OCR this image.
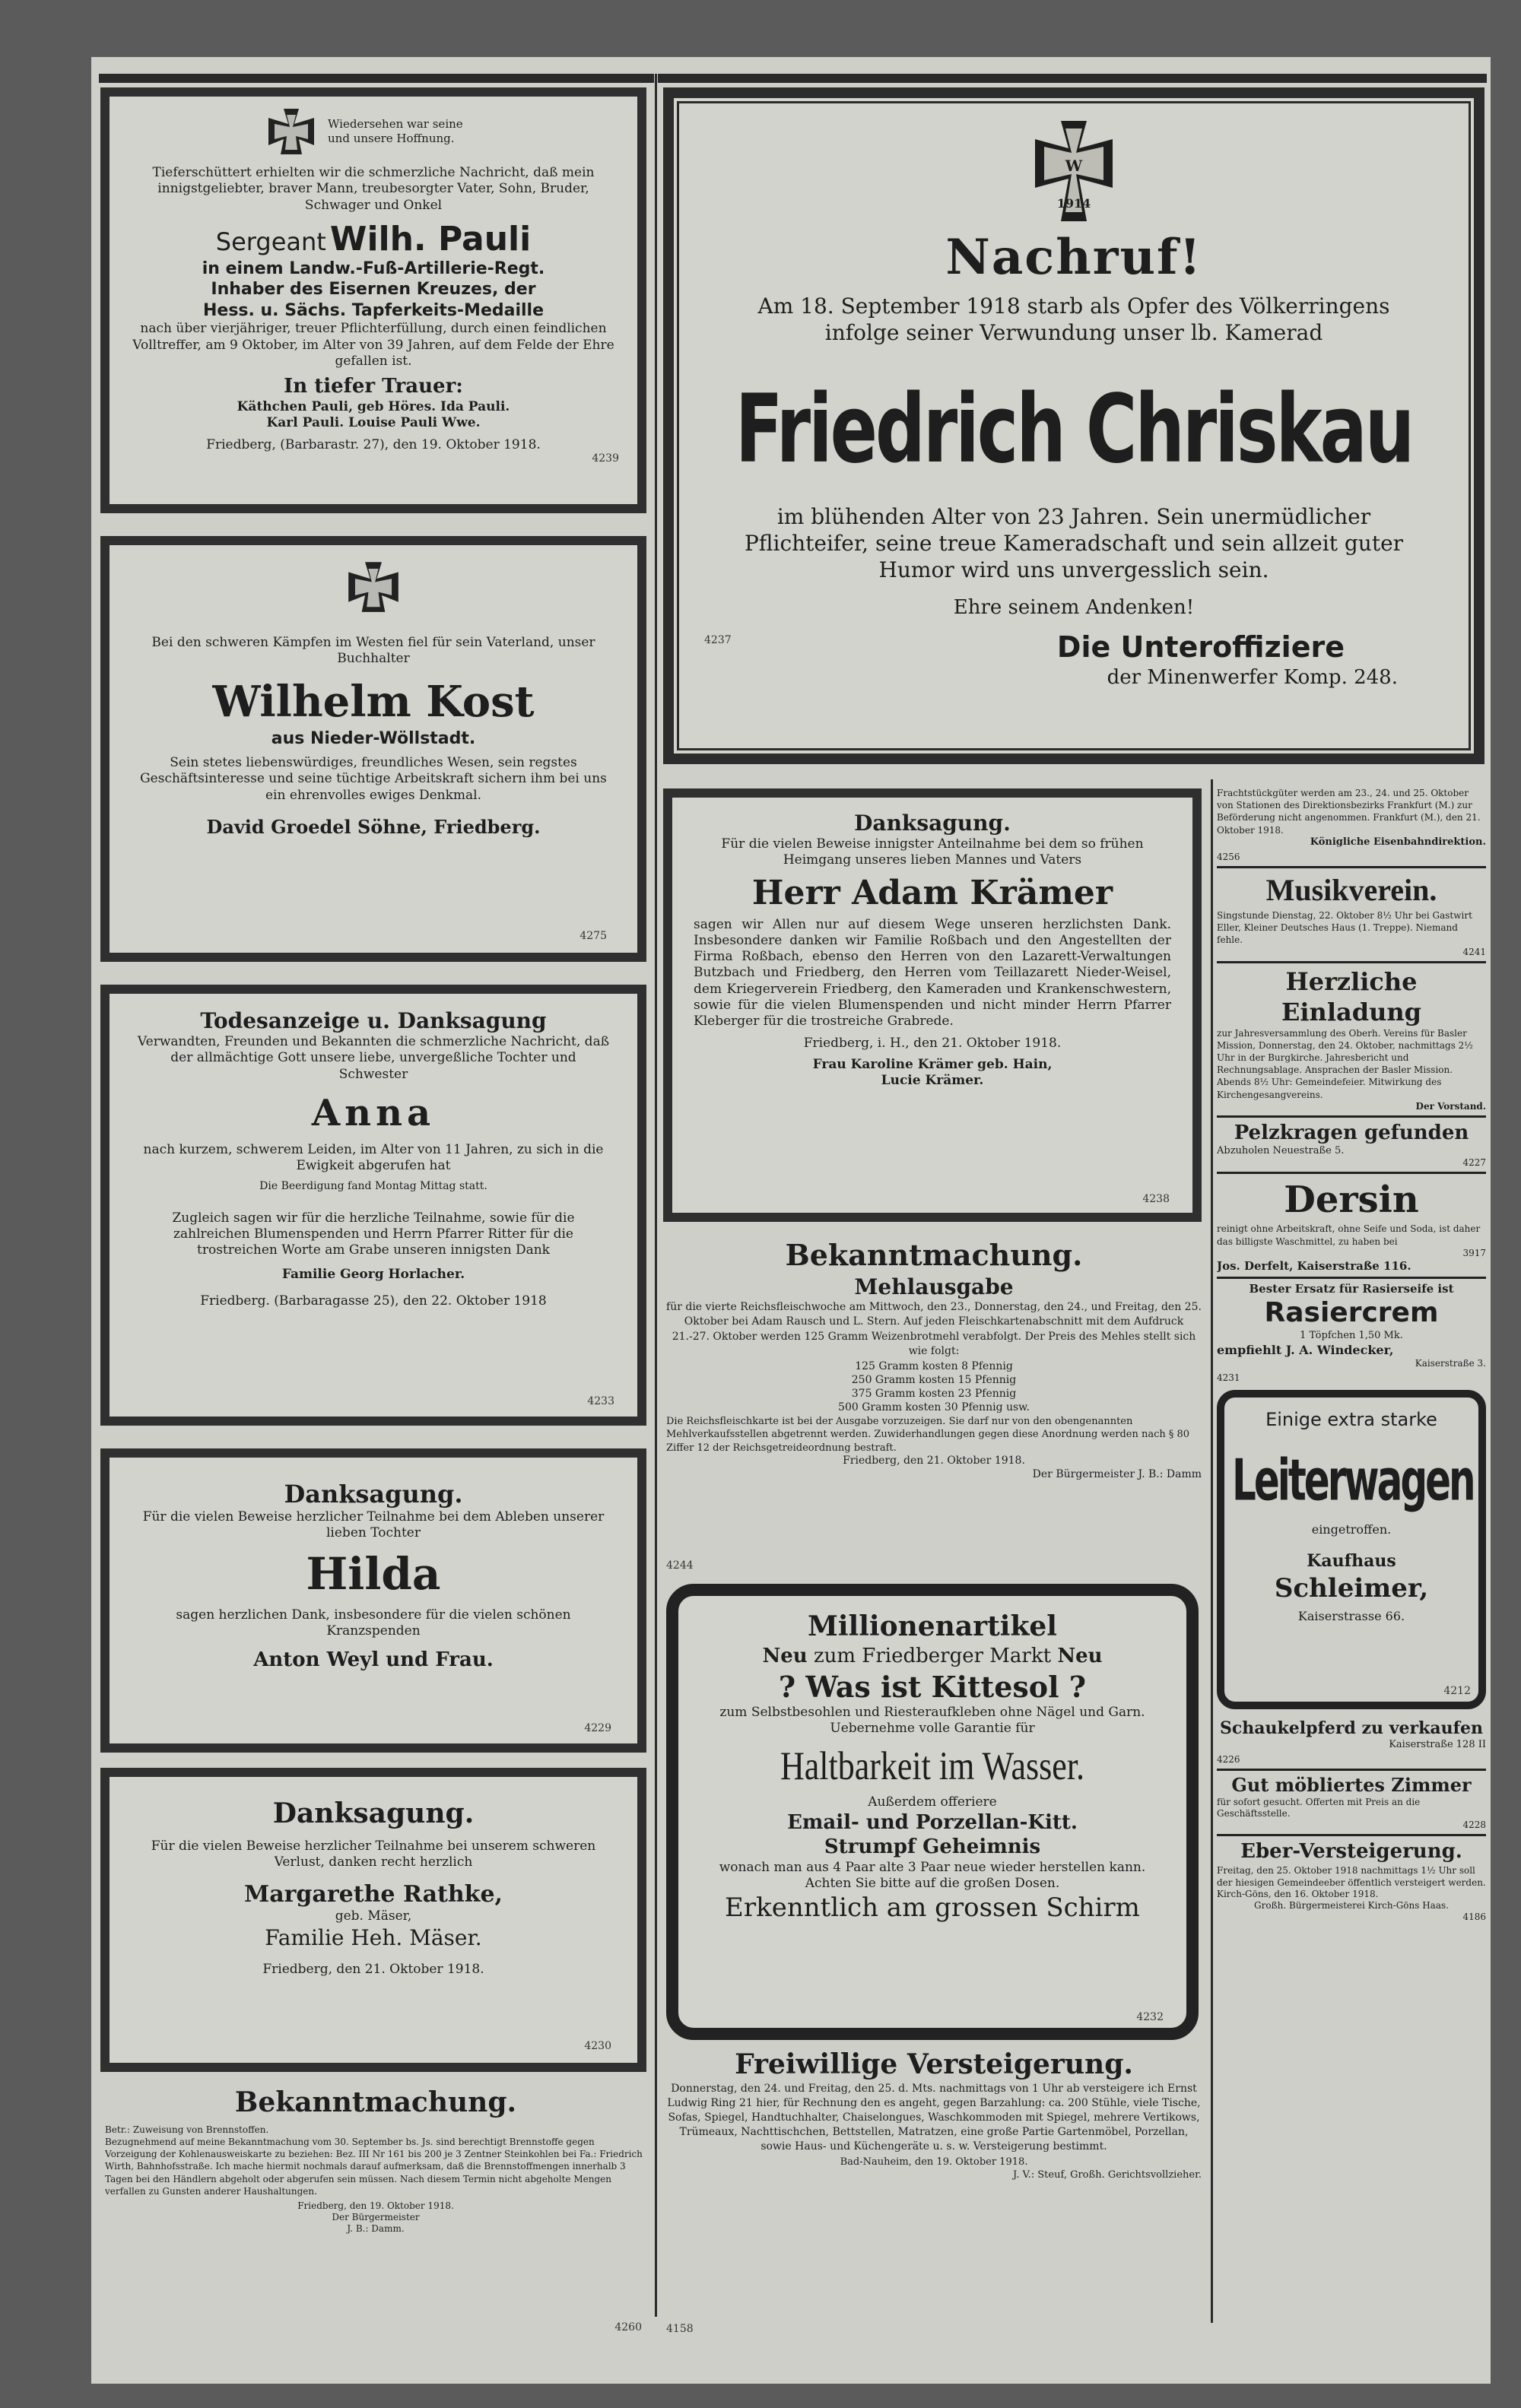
Wiedersehen war seine und unsere Hoffnung.

Tieferschüttert erhielten wir die schmerzliche Nachricht, daß mein innigstgeliebter, braver Mann, treubesorgter Vater, Sohn, Bruder, Schwager und Onkel

Sergeant Wilh. Pauli

in einem Landw.-Fuß-Artillerie-Regt.

Inhaber des Eisernen Kreuzes, der

Hess. u. Sächs. Tapferkeits-Medaille

nach über vierjähriger, treuer Pflichterfüllung, durch einen feindlichen Volltreffer, am 9 Oktober, im Alter von 39 Jahren, auf dem Felde der Ehre gefallen ist.

In tiefer Trauer:

Käthchen Pauli, geb Höres. Ida Pauli.

Karl Pauli. Louise Pauli Wwe.

Friedberg, (Barbarastr. 27), den 19. Oktober 1918.

4239

Bei den schweren Kämpfen im Westen fiel für sein Vaterland, unser Buchhalter

Wilhelm Kost

aus Nieder-Wöllstadt.

Sein stetes liebenswürdiges, freundliches Wesen, sein regstes Geschäftsinteresse und seine tüchtige Arbeitskraft sichern ihm bei uns ein ehrenvolles ewiges Denkmal.

David Groedel Söhne, Friedberg.

4275

Todesanzeige u. Danksagung

Verwandten, Freunden und Bekannten die schmerzliche Nachricht, daß der allmächtige Gott unsere liebe, unvergeßliche Tochter und Schwester

Anna

nach kurzem, schwerem Leiden, im Alter von 11 Jahren, zu sich in die Ewigkeit abgerufen hat

Die Beerdigung fand Montag Mittag statt.

Zugleich sagen wir für die herzliche Teilnahme, sowie für die zahlreichen Blumenspenden und Herrn Pfarrer Ritter für die trostreichen Worte am Grabe unseren innigsten Dank

Familie Georg Horlacher.

Friedberg. (Barbaragasse 25), den 22. Oktober 1918

4233

Danksagung.

Für die vielen Beweise herzlicher Teilnahme bei dem Ableben unserer lieben Tochter

Hilda

sagen herzlichen Dank, insbesondere für die vielen schönen Kranzspenden

Anton Weyl und Frau.

4229

Danksagung.

Für die vielen Beweise herzlicher Teilnahme bei unserem schweren Verlust, danken recht herzlich

Margarethe Rathke,

geb. Mäser,

Familie Heh. Mäser.

Friedberg, den 21. Oktober 1918.

4230

Bekanntmachung.

Betr.: Zuweisung von Brennstoffen.

Bezugnehmend auf meine Bekanntmachung vom 30. September bs. Js. sind berechtigt Brennstoffe gegen Vorzeigung der Kohlenausweiskarte zu beziehen: Bez. III Nr 161 bis 200 je 3 Zentner Steinkohlen bei Fa.: Friedrich Wirth, Bahnhofsstraße. Ich mache hiermit nochmals darauf aufmerksam, daß die Brennstoffmengen innerhalb 3 Tagen bei den Händlern abgeholt oder abgerufen sein müssen. Nach diesem Termin nicht abgeholte Mengen verfallen zu Gunsten anderer Haushaltungen.

Friedberg, den 19. Oktober 1918.

Der Bürgermeister

J. B.: Damm.

4260
W
1914

Nachruf!

Am 18. September 1918 starb als Opfer des Völkerringens infolge seiner Verwundung unser lb. Kamerad

Friedrich Chriskau

im blühenden Alter von 23 Jahren. Sein unermüdlicher Pflichteifer, seine treue Kameradschaft und sein allzeit guter Humor wird uns unvergesslich sein.

Ehre seinem Andenken!

4237	Die Unteroffiziere

der Minenwerfer Komp. 248.

Danksagung.

Für die vielen Beweise innigster Anteilnahme bei dem so frühen Heimgang unseres lieben Mannes und Vaters

Herr Adam Krämer

sagen wir Allen nur auf diesem Wege unseren herzlichsten Dank. Insbesondere danken wir Familie Roßbach und den Angestellten der Firma Roßbach, ebenso den Herren von den Lazarett-Verwaltungen Butzbach und Friedberg, den Herren vom Teillazarett Nieder-Weisel, dem Kriegerverein Friedberg, den Kameraden und Krankenschwestern, sowie für die vielen Blumenspenden und nicht minder Herrn Pfarrer Kleberger für die trostreiche Grabrede.

Friedberg, i. H., den 21. Oktober 1918.

Frau Karoline Krämer geb. Hain,

Lucie Krämer.

4238

Bekanntmachung.

Mehlausgabe

für die vierte Reichsfleischwoche am Mittwoch, den 23., Donnerstag, den 24., und Freitag, den 25. Oktober bei Adam Rausch und L. Stern. Auf jeden Fleischkartenabschnitt mit dem Aufdruck 21.-27. Oktober werden 125 Gramm Weizenbrotmehl verabfolgt. Der Preis des Mehles stellt sich wie folgt:

125 Gramm kosten 8 Pfennig
250 Gramm kosten 15 Pfennig
375 Gramm kosten 23 Pfennig
500 Gramm kosten 30 Pfennig usw.

Die Reichsfleischkarte ist bei der Ausgabe vorzuzeigen. Sie darf nur von den obengenannten Mehlverkaufsstellen abgetrennt werden. Zuwiderhandlungen gegen diese Anordnung werden nach § 80 Ziffer 12 der Reichsgetreideordnung bestraft.

Friedberg, den 21. Oktober 1918.

Der Bürgermeister J. B.: Damm

4244

Millionenartikel

Neu zum Friedberger Markt Neu

? Was ist Kittesol ?

zum Selbstbesohlen und Riesteraufkleben ohne Nägel und Garn. Uebernehme volle Garantie für

Haltbarkeit im Wasser.

Außerdem offeriere

Email- und Porzellan-Kitt.

Strumpf Geheimnis

wonach man aus 4 Paar alte 3 Paar neue wieder herstellen kann. Achten Sie bitte auf die großen Dosen.

Erkenntlich am grossen Schirm

4232

Freiwillige Versteigerung.

Donnerstag, den 24. und Freitag, den 25. d. Mts. nachmittags von 1 Uhr ab versteigere ich Ernst Ludwig Ring 21 hier, für Rechnung den es angeht, gegen Barzahlung: ca. 200 Stühle, viele Tische, Sofas, Spiegel, Handtuchhalter, Chaiselongues, Waschkommoden mit Spiegel, mehrere Vertikows, Trümeaux, Nachttischchen, Bettstellen, Matratzen, eine große Partie Gartenmöbel, Porzellan, sowie Haus- und Küchengeräte u. s. w. Versteigerung bestimmt.

Bad-Nauheim, den 19. Oktober 1918.

J. V.: Steuf, Großh. Gerichtsvollzieher.

4158

Frachtstückgüter werden am 23., 24. und 25. Oktober von Stationen des Direktionsbezirks Frankfurt (M.) zur Beförderung nicht angenommen. Frankfurt (M.), den 21. Oktober 1918.

Königliche Eisenbahndirektion.

4256

Musikverein.

Singstunde Dienstag, 22. Oktober 8½ Uhr bei Gastwirt Eller, Kleiner Deutsches Haus (1. Treppe). Niemand fehle.

4241

Herzliche Einladung

zur Jahresversammlung des Oberh. Vereins für Basler Mission, Donnerstag, den 24. Oktober, nachmittags 2½ Uhr in der Burgkirche. Jahresbericht und Rechnungsablage. Ansprachen der Basler Mission. Abends 8½ Uhr: Gemeindefeier. Mitwirkung des Kirchengesangvereins.

Der Vorstand.

Pelzkragen gefunden

Abzuholen Neuestraße 5.

4227

Dersin

reinigt ohne Arbeitskraft, ohne Seife und Soda, ist daher das billigste Waschmittel, zu haben bei

3917

Jos. Derfelt, Kaiserstraße 116.

Bester Ersatz für Rasierseife ist

Rasiercrem

1 Töpfchen 1,50 Mk.

empfiehlt J. A. Windecker,

Kaiserstraße 3.

4231

Einige extra starke

Leiterwagen

eingetroffen.

Kaufhaus

Schleimer,

Kaiserstrasse 66.

4212

Schaukelpferd zu verkaufen

Kaiserstraße 128 II

4226

Gut möbliertes Zimmer

für sofort gesucht. Offerten mit Preis an die Geschäftsstelle.

4228

Eber-Versteigerung.

Freitag, den 25. Oktober 1918 nachmittags 1½ Uhr soll der hiesigen Gemeindeeber öffentlich versteigert werden.

Kirch-Göns, den 16. Oktober 1918.

Großh. Bürgermeisterei Kirch-Göns Haas.

4186
